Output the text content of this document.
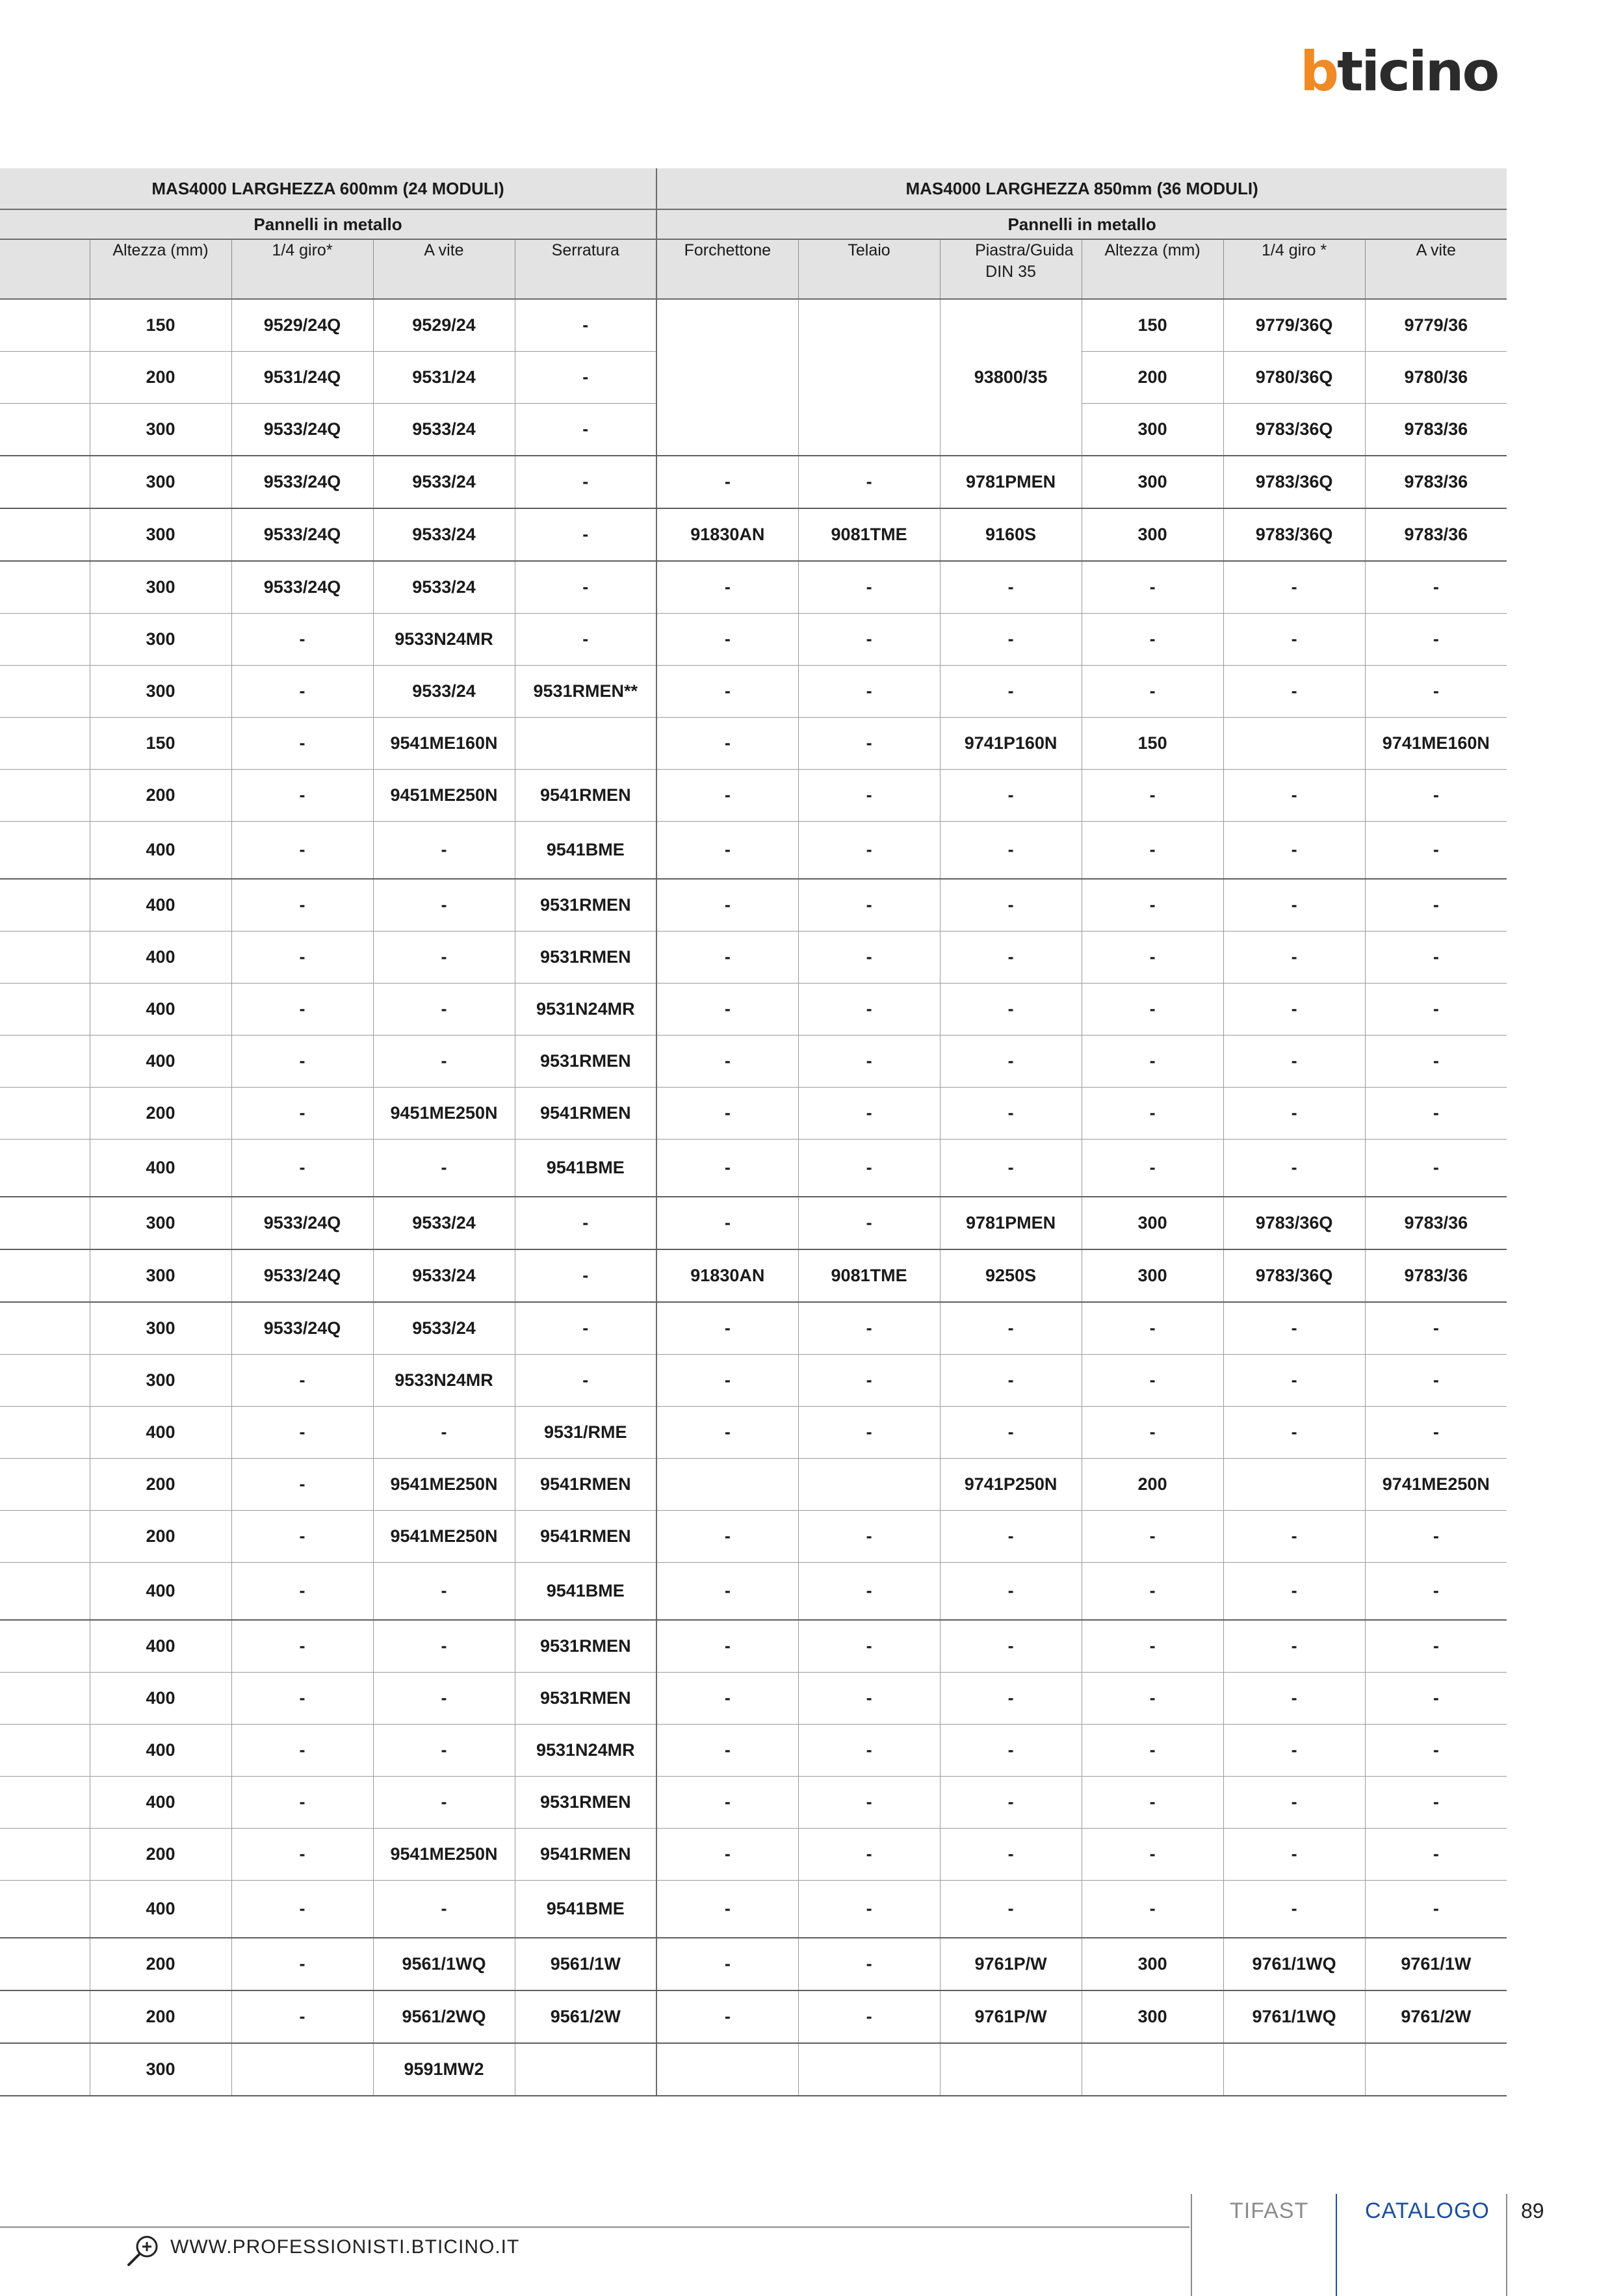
bticino
MAS4000 LARGHEZZA 600mm (24 MODULI)					MAS4000 LARGHEZZA 850mm (36 MODULI)					
Pannelli in metallo					Pannelli in metallo					
	Altezza (mm)	1/4 giro*	A vite	Serratura	Forchettone	Telaio	Piastra/Guida DIN 35	Altezza (mm)	1/4 giro *	A vite
	150	9529/24Q	9529/24	-			93800/35	150	9779/36Q	9779/36
	200	9531/24Q	9531/24	-				200	9780/36Q	9780/36
	300	9533/24Q	9533/24	-				300	9783/36Q	9783/36
	300	9533/24Q	9533/24	-	-	-	9781PMEN	300	9783/36Q	9783/36
	300	9533/24Q	9533/24	-	91830AN	9081TME	9160S	300	9783/36Q	9783/36
	300	9533/24Q	9533/24	-	-	-	-	-	-	-
	300	-	9533N24MR	-	-	-	-	-	-	-
	300	-	9533/24	9531RMEN**	-	-	-	-	-	-
	150	-	9541ME160N		-	-	9741P160N	150		9741ME160N
	200	-	9451ME250N	9541RMEN	-	-	-	-	-	-
	400	-	-	9541BME	-	-	-	-	-	-
	400	-	-	9531RMEN	-	-	-	-	-	-
	400	-	-	9531RMEN	-	-	-	-	-	-
	400	-	-	9531N24MR	-	-	-	-	-	-
	400	-	-	9531RMEN	-	-	-	-	-	-
	200	-	9451ME250N	9541RMEN	-	-	-	-	-	-
	400	-	-	9541BME	-	-	-	-	-	-
	300	9533/24Q	9533/24	-	-	-	9781PMEN	300	9783/36Q	9783/36
	300	9533/24Q	9533/24	-	91830AN	9081TME	9250S	300	9783/36Q	9783/36
	300	9533/24Q	9533/24	-	-	-	-	-	-	-
	300	-	9533N24MR	-	-	-	-	-	-	-
	400	-	-	9531/RME	-	-	-	-	-	-
	200	-	9541ME250N	9541RMEN			9741P250N	200		9741ME250N
	200	-	9541ME250N	9541RMEN	-	-	-	-	-	-
	400	-	-	9541BME	-	-	-	-	-	-
	400	-	-	9531RMEN	-	-	-	-	-	-
	400	-	-	9531RMEN	-	-	-	-	-	-
	400	-	-	9531N24MR	-	-	-	-	-	-
	400	-	-	9531RMEN	-	-	-	-	-	-
	200	-	9541ME250N	9541RMEN	-	-	-	-	-	-
	400	-	-	9541BME	-	-	-	-	-	-
	200	-	9561/1WQ	9561/1W	-	-	9761P/W	300	9761/1WQ	9761/1W
	200	-	9561/2WQ	9561/2W	-	-	9761P/W	300	9761/1WQ	9761/2W
	300		9591MW2							
TIFAST	CATALOGO 89
WWW.PROFESSIONISTI.BTICINO.IT
